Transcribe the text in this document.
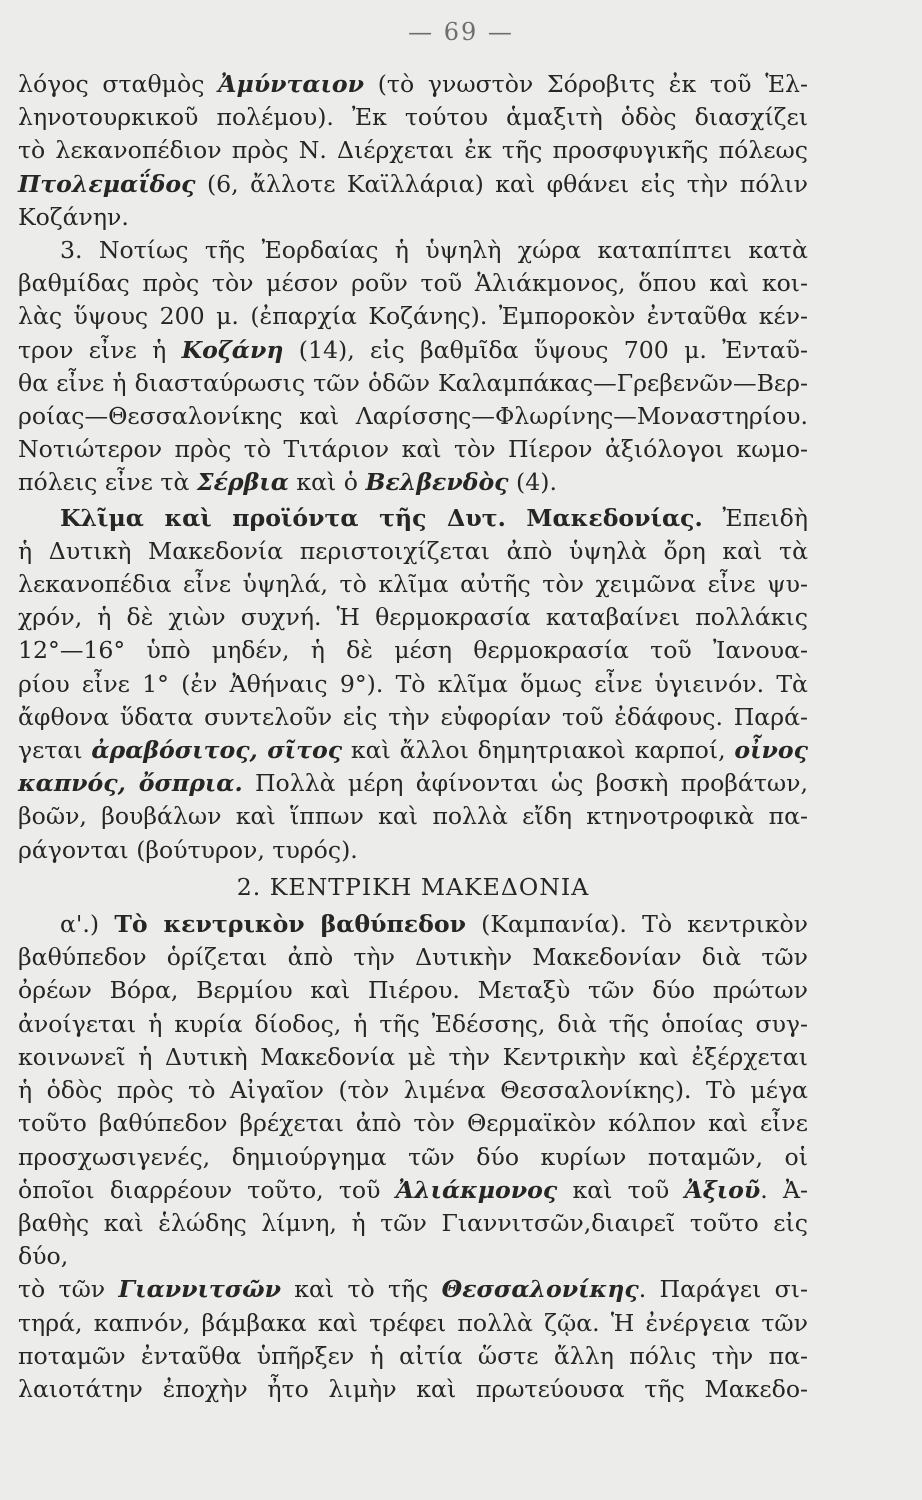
— 69 —

λόγος σταθμὸς Ἀμύνταιον (τὸ γνωστὸν Σόροβιτς ἐκ τοῦ Ἑλ-

ληνοτουρκικοῦ πολέμου). Ἐκ τούτου ἁμαξιτὴ ὁδὸς διασχίζει

τὸ λεκανοπέδιον πρὸς Ν. Διέρχεται ἐκ τῆς προσφυγικῆς πόλεως

Πτολεμαΐδος (6, ἄλλοτε Καϊλλάρια) καὶ φθάνει εἰς τὴν πόλιν

Κοζάνην.

3. Νοτίως τῆς Ἐορδαίας ἡ ὑψηλὴ χώρα καταπίπτει κατὰ

βαθμίδας πρὸς τὸν μέσον ροῦν τοῦ Ἁλιάκμονος, ὅπου καὶ κοι-

λὰς ὕψους 200 μ. (ἐπαρχία Κοζάνης). Ἐμποροκὸν ἐνταῦθα κέν-

τρον εἶνε ἡ Κοζάνη (14), εἰς βαθμῖδα ὕψους 700 μ. Ἐνταῦ-

θα εἶνε ἡ διασταύρωσις τῶν ὁδῶν Καλαμπάκας—Γρεβενῶν—Βερ-

ροίας—Θεσσαλονίκης καὶ Λαρίσσης—Φλωρίνης—Μοναστηρίου.

Νοτιώτερον πρὸς τὸ Τιτάριον καὶ τὸν Πίερον ἀξιόλογοι κωμο-

πόλεις εἶνε τὰ Σέρβια καὶ ὁ Βελβενδὸς (4).

Κλῖμα καὶ προϊόντα τῆς Δυτ. Μακεδονίας. Ἐπειδὴ

ἡ Δυτικὴ Μακεδονία περιστοιχίζεται ἀπὸ ὑψηλὰ ὄρη καὶ τὰ

λεκανοπέδια εἶνε ὑψηλά, τὸ κλῖμα αὐτῆς τὸν χειμῶνα εἶνε ψυ-

χρόν, ἡ δὲ χιὼν συχνή. Ἡ θερμοκρασία καταβαίνει πολλάκις

12°—16° ὑπὸ μηδέν, ἡ δὲ μέση θερμοκρασία τοῦ Ἰανουα-

ρίου εἶνε 1° (ἐν Ἀθήναις 9°). Τὸ κλῖμα ὅμως εἶνε ὑγιεινόν. Τὰ

ἄφθονα ὕδατα συντελοῦν εἰς τὴν εὐφορίαν τοῦ ἐδάφους. Παρά-

γεται ἀραβόσιτος, σῖτος καὶ ἄλλοι δημητριακοὶ καρποί, οἶνος

καπνός, ὄσπρια. Πολλὰ μέρη ἀφίνονται ὡς βοσκὴ προβάτων,

βοῶν, βουβάλων καὶ ἵππων καὶ πολλὰ εἴδη κτηνοτροφικὰ πα-

ράγονται (βούτυρον, τυρός).

2. ΚΕΝΤΡΙΚΗ ΜΑΚΕΔΟΝΙΑ

α'.) Τὸ κεντρικὸν βαθύπεδον (Καμπανία). Τὸ κεντρικὸν

βαθύπεδον ὁρίζεται ἀπὸ τὴν Δυτικὴν Μακεδονίαν διὰ τῶν

ὀρέων Βόρα, Βερμίου καὶ Πιέρου. Μεταξὺ τῶν δύο πρώτων

ἀνοίγεται ἡ κυρία δίοδος, ἡ τῆς Ἐδέσσης, διὰ τῆς ὁποίας συγ-

κοινωνεῖ ἡ Δυτικὴ Μακεδονία μὲ τὴν Κεντρικὴν καὶ ἐξέρχεται

ἡ ὁδὸς πρὸς τὸ Αἰγαῖον (τὸν λιμένα Θεσσαλονίκης). Τὸ μέγα

τοῦτο βαθύπεδον βρέχεται ἀπὸ τὸν Θερμαϊκὸν κόλπον καὶ εἶνε

προσχωσιγενές, δημιούργημα τῶν δύο κυρίων ποταμῶν, οἱ

ὁποῖοι διαρρέουν τοῦτο, τοῦ Ἀλιάκμονος καὶ τοῦ Ἀξιοῦ. Ἀ-

βαθὴς καὶ ἑλώδης λίμνη, ἡ τῶν Γιαννιτσῶν,διαιρεῖ τοῦτο εἰς δύο,

τὸ τῶν Γιαννιτσῶν καὶ τὸ τῆς Θεσσαλονίκης. Παράγει σι-

τηρά, καπνόν, βάμβακα καὶ τρέφει πολλὰ ζῷα. Ἡ ἐνέργεια τῶν

ποταμῶν ἐνταῦθα ὑπῆρξεν ἡ αἰτία ὥστε ἄλλη πόλις τὴν πα-

λαιοτάτην ἐποχὴν ἦτο λιμὴν καὶ πρωτεύουσα τῆς Μακεδο-
